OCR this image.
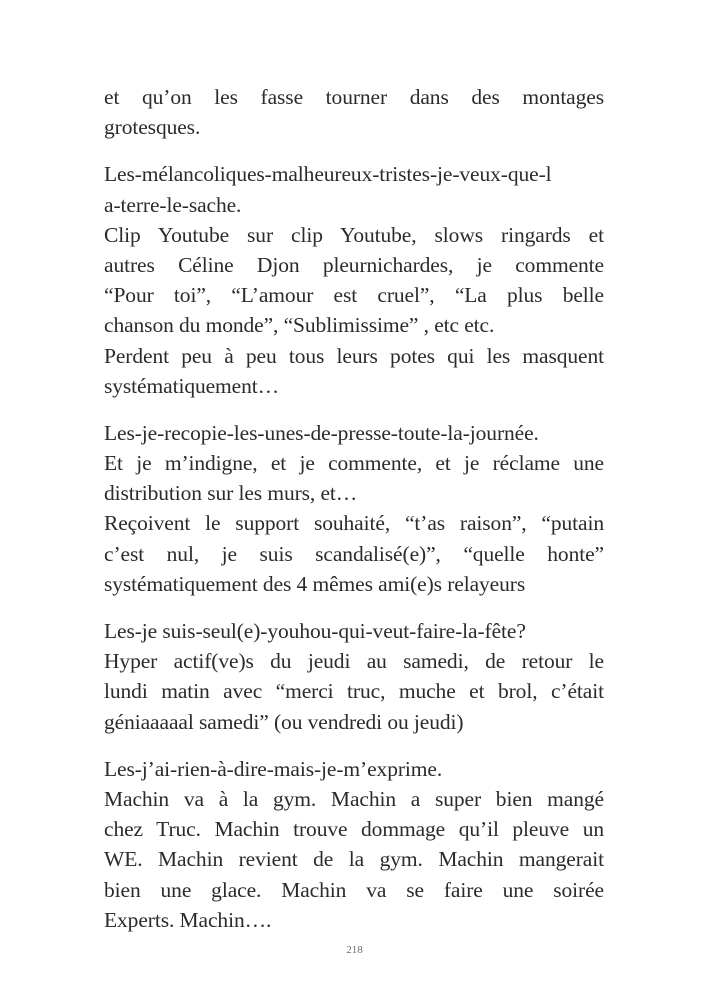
et qu’on les fasse tourner dans des montages
grotesques.
Les-mélancoliques-malheureux-tristes-je-veux-que-l
a-terre-le-sache.
Clip Youtube sur clip Youtube, slows ringards et
autres Céline Djon pleurnichardes, je commente
“Pour toi”, “L’amour est cruel”, “La plus belle
chanson du monde”, “Sublimissime” , etc etc.
Perdent peu à peu tous leurs potes qui les masquent
systématiquement…
Les-je-recopie-les-unes-de-presse-toute-la-journée.
Et je m’indigne, et je commente, et je réclame une
distribution sur les murs, et…
Reçoivent le support souhaité, “t’as raison”, “putain
c’est nul, je suis scandalisé(e)”, “quelle honte”
systématiquement des 4 mêmes ami(e)s relayeurs
Les-je suis-seul(e)-youhou-qui-veut-faire-la-fête?
Hyper actif(ve)s du jeudi au samedi, de retour le
lundi matin avec “merci truc, muche et brol, c’était
géniaaaaal samedi” (ou vendredi ou jeudi)
Les-j’ai-rien-à-dire-mais-je-m’exprime.
Machin va à la gym. Machin a super bien mangé
chez Truc. Machin trouve dommage qu’il pleuve un
WE. Machin revient de la gym. Machin mangerait
bien une glace. Machin va se faire une soirée
Experts. Machin….
218
